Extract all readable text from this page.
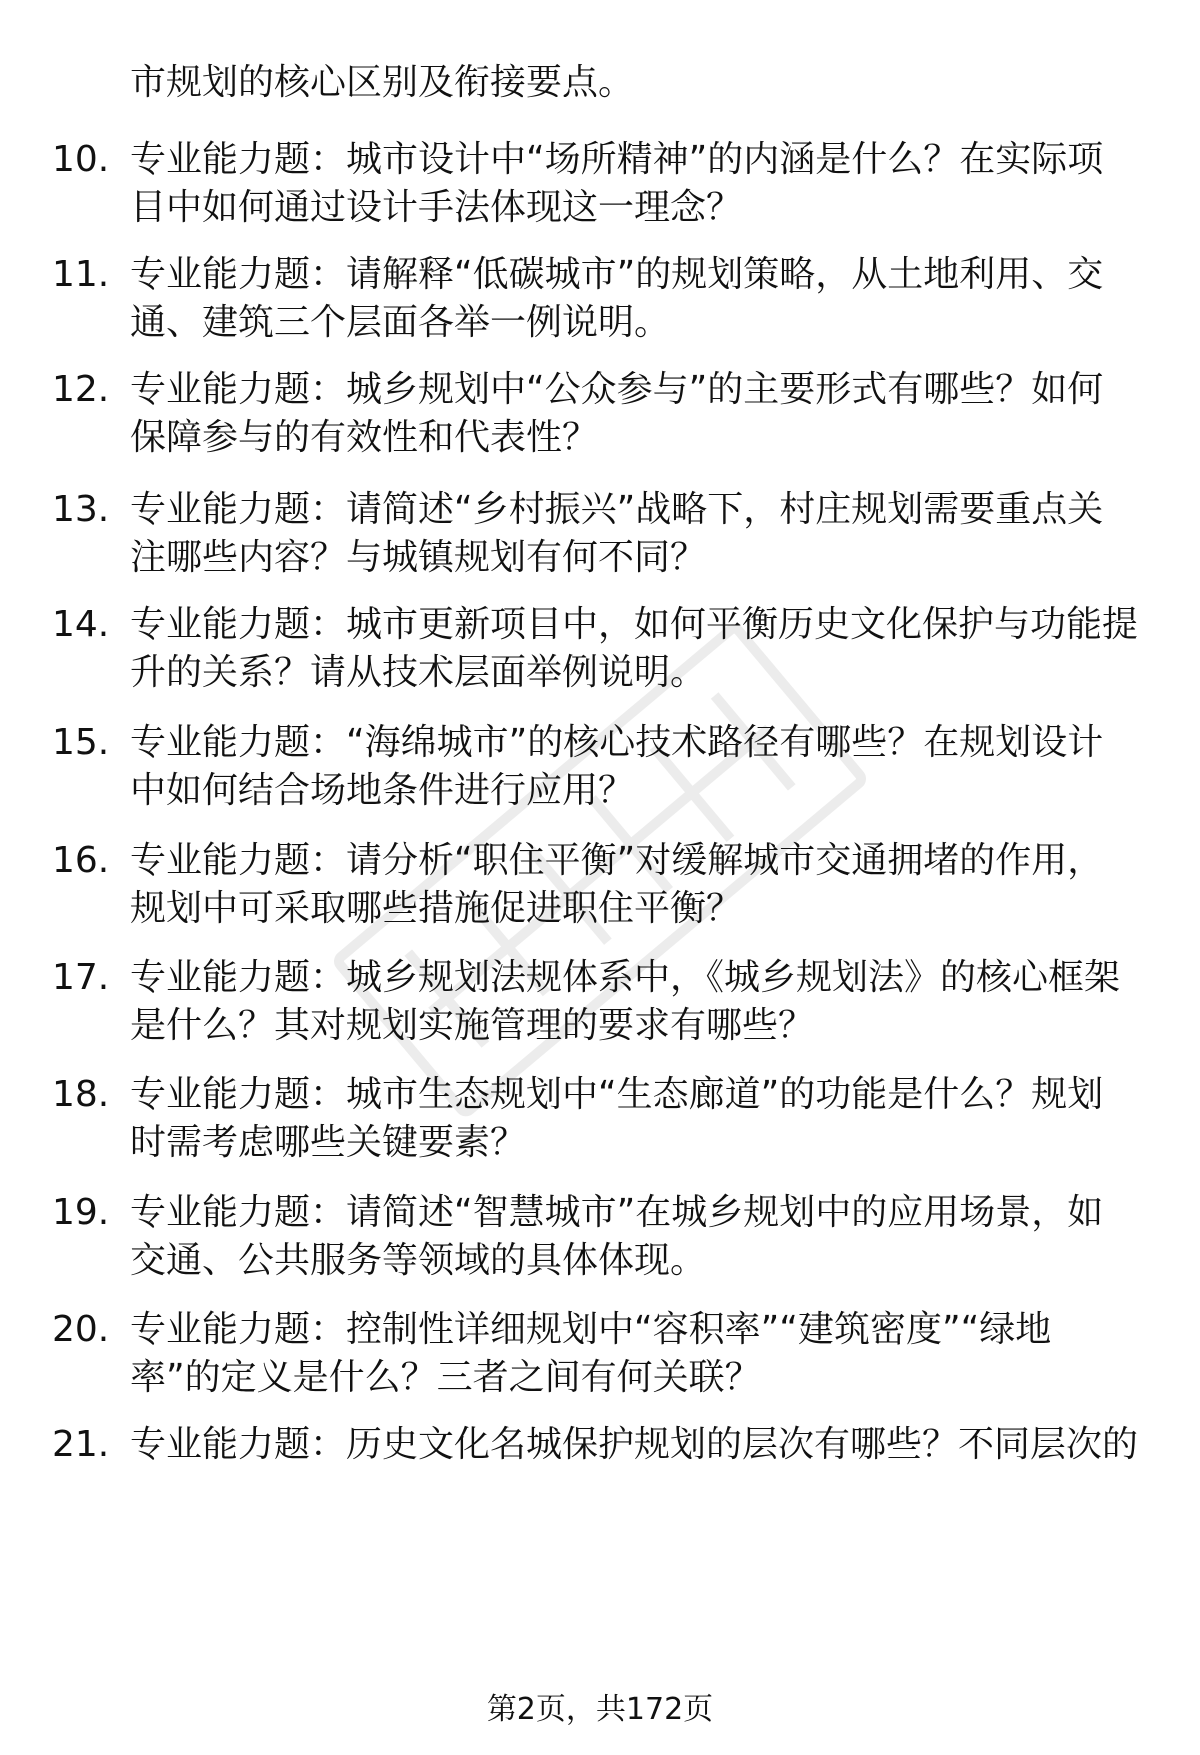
市规划的核心区别及衔接要点。
10. 专业能力题：城市设计中“场所精神”的内涵是什么？在实际项
目中如何通过设计手法体现这一理念？
11. 专业能力题：请解释“低碳城市”的规划策略，从土地利用、交
通、建筑三个层面各举一例说明。
12. 专业能力题：城乡规划中“公众参与”的主要形式有哪些？如何
保障参与的有效性和代表性？
13. 专业能力题：请简述“乡村振兴”战略下，村庄规划需要重点关
注哪些内容？与城镇规划有何不同？
14. 专业能力题：城市更新项目中，如何平衡历史文化保护与功能提
升的关系？请从技术层面举例说明。
15. 专业能力题：“海绵城市”的核心技术路径有哪些？在规划设计
中如何结合场地条件进行应用？
16. 专业能力题：请分析“职住平衡”对缓解城市交通拥堵的作用，
规划中可采取哪些措施促进职住平衡？
17. 专业能力题：城乡规划法规体系中，《城乡规划法》的核心框架
是什么？其对规划实施管理的要求有哪些？
18. 专业能力题：城市生态规划中“生态廊道”的功能是什么？规划
时需考虑哪些关键要素？
19. 专业能力题：请简述“智慧城市”在城乡规划中的应用场景，如
交通、公共服务等领域的具体体现。
20. 专业能力题：控制性详细规划中“容积率”“建筑密度”“绿地
率”的定义是什么？三者之间有何关联？
21. 专业能力题：历史文化名城保护规划的层次有哪些？不同层次的
第2页，共172页
